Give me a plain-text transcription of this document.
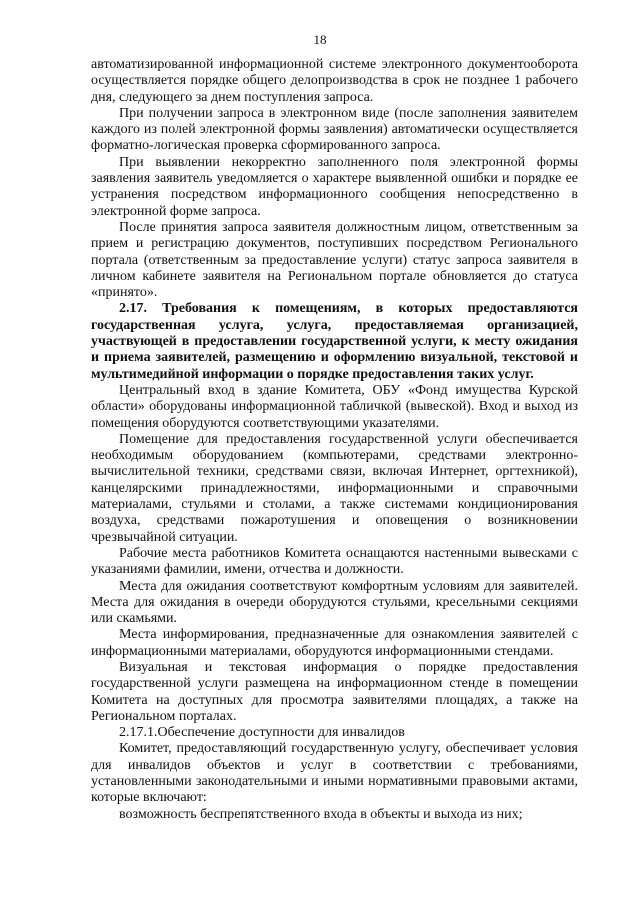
18

автоматизированной информационной системе электронного документооборота осуществляется порядке общего делопроизводства в срок не позднее 1 рабочего дня, следующего за днем поступления запроса.

При получении запроса в электронном виде (после заполнения заявителем каждого из полей электронной формы заявления) автоматически осуществляется форматно-логическая проверка сформированного запроса.

При выявлении некорректно заполненного поля электронной формы заявления заявитель уведомляется о характере выявленной ошибки и порядке ее устранения посредством информационного сообщения непосредственно в электронной форме запроса.

После принятия запроса заявителя должностным лицом, ответственным за прием и регистрацию документов, поступивших посредством Регионального портала (ответственным за предоставление услуги) статус запроса заявителя в личном кабинете заявителя на Региональном портале обновляется до статуса «принято».

2.17. Требования к помещениям, в которых предоставляются государственная услуга, услуга, предоставляемая организацией, участвующей в предоставлении государственной услуги, к месту ожидания и приема заявителей, размещению и оформлению визуальной, текстовой и мультимедийной информации о порядке предоставления таких услуг.

Центральный вход в здание Комитета, ОБУ «Фонд имущества Курской области» оборудованы информационной табличкой (вывеской). Вход и выход из помещения оборудуются соответствующими указателями.

Помещение для предоставления государственной услуги обеспечивается необходимым оборудованием (компьютерами, средствами электронно-вычислительной техники, средствами связи, включая Интернет, оргтехникой), канцелярскими принадлежностями, информационными и справочными материалами, стульями и столами, а также системами кондиционирования воздуха, средствами пожаротушения и оповещения о возникновении чрезвычайной ситуации.

Рабочие места работников Комитета оснащаются настенными вывесками с указаниями фамилии, имени, отчества и должности.

Места для ожидания соответствуют комфортным условиям для заявителей. Места для ожидания в очереди оборудуются стульями, кресельными секциями или скамьями.

Места информирования, предназначенные для ознакомления заявителей с информационными материалами, оборудуются информационными стендами.

Визуальная и текстовая информация о порядке предоставления государственной услуги размещена на информационном стенде в помещении Комитета на доступных для просмотра заявителями площадях, а также на Региональном порталах.

2.17.1.Обеспечение доступности для инвалидов

Комитет, предоставляющий государственную услугу, обеспечивает условия для инвалидов объектов и услуг в соответствии с требованиями, установленными законодательными и иными нормативными правовыми актами, которые включают:

возможность беспрепятственного входа в объекты и выхода из них;
